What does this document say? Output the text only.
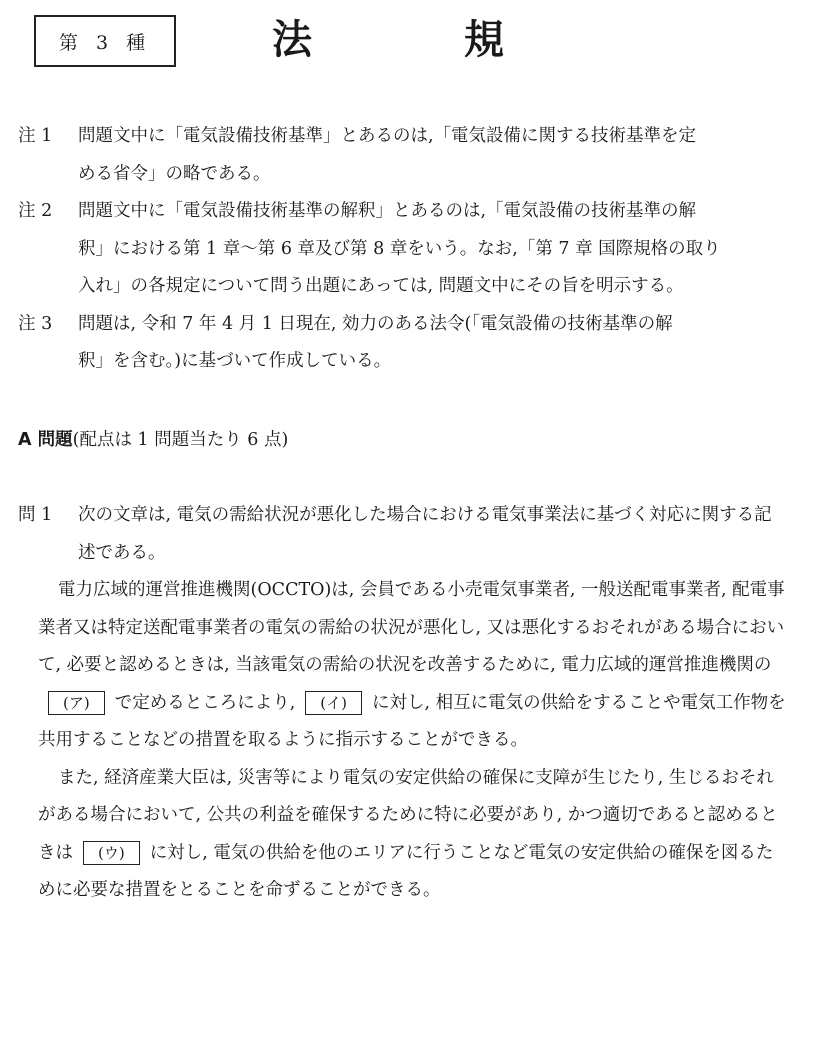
第 3 種	法	規
注 1	問題文中に「電気設備技術基準」とあるのは,「電気設備に関する技術基準を定
める省令」の略である。
注 2	問題文中に「電気設備技術基準の解釈」とあるのは,「電気設備の技術基準の解
釈」における第 1 章〜第 6 章及び第 8 章をいう。なお,「第 7 章 国際規格の取り
入れ」の各規定について問う出題にあっては, 問題文中にその旨を明示する。
注 3	問題は, 令和 7 年 4 月 1 日現在, 効力のある法令(「電気設備の技術基準の解
釈」を含む。)に基づいて作成している。
A 問題(配点は 1 問題当たり 6 点)
問 1	次の文章は, 電気の需給状況が悪化した場合における電気事業法に基づく対応に関する記述である。
電力広域的運営推進機関(OCCTO)は, 会員である小売電気事業者, 一般送配電事業者, 配電事業者又は特定送配電事業者の電気の需給の状況が悪化し, 又は悪化するおそれがある場合において, 必要と認めるときは, 当該電気の需給の状況を改善するために, 電力広域的運営推進機関の(ア) で定めるところにより, (イ) に対し, 相互に電気の供給をすることや電気工作物を共用することなどの措置を取るように指示することができる。
また, 経済産業大臣は, 災害等により電気の安定供給の確保に支障が生じたり, 生じるおそれがある場合において, 公共の利益を確保するために特に必要があり, かつ適切であると認めるときは (ウ) に対し, 電気の供給を他のエリアに行うことなど電気の安定供給の確保を図るために必要な措置をとることを命ずることができる。
